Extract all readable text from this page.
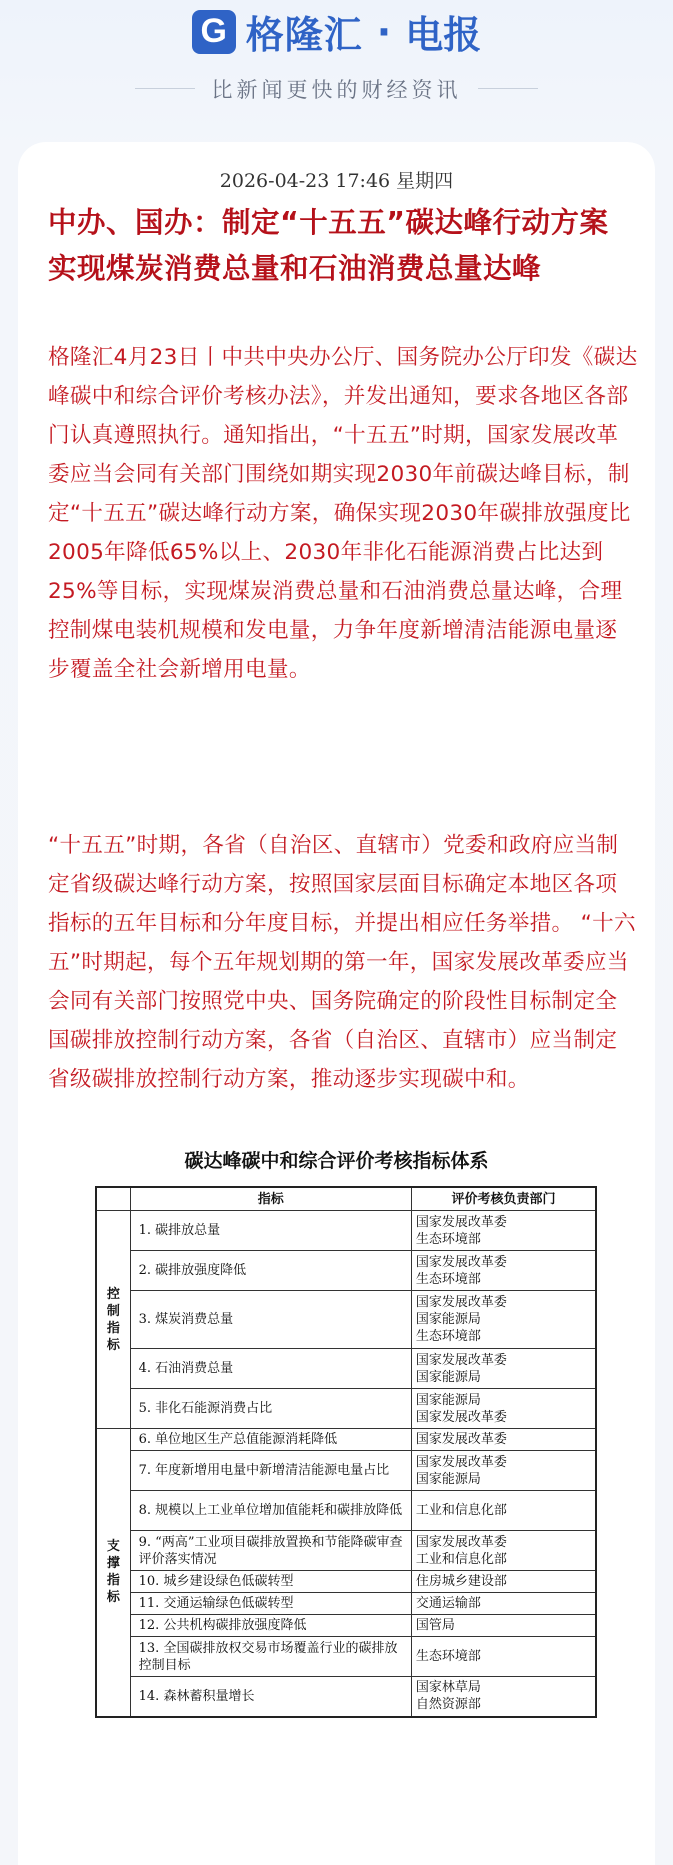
G 格隆汇 · 电报
比新闻更快的财经资讯
2026-04-23 17:46 星期四
中办、国办：制定“十五五”碳达峰行动方案 实现煤炭消费总量和石油消费总量达峰
格隆汇4月23日丨中共中央办公厅、国务院办公厅印发《碳达峰碳中和综合评价考核办法》，并发出通知，要求各地区各部门认真遵照执行。通知指出，“十五五”时期，国家发展改革委应当会同有关部门围绕如期实现2030年前碳达峰目标，制定“十五五”碳达峰行动方案，确保实现2030年碳排放强度比2005年降低65%以上、2030年非化石能源消费占比达到25%等目标，实现煤炭消费总量和石油消费总量达峰，合理控制煤电装机规模和发电量，力争年度新增清洁能源电量逐步覆盖全社会新增用电量。
“十五五”时期，各省（自治区、直辖市）党委和政府应当制定省级碳达峰行动方案，按照国家层面目标确定本地区各项指标的五年目标和分年度目标，并提出相应任务举措。 “十六五”时期起，每个五年规划期的第一年，国家发展改革委应当会同有关部门按照党中央、国务院确定的阶段性目标制定全国碳排放控制行动方案，各省（自治区、直辖市）应当制定省级碳排放控制行动方案，推动逐步实现碳中和。
碳达峰碳中和综合评价考核指标体系
	指标	评价考核负责部门
控
制
指
标	1. 碳排放总量	国家发展改革委
生态环境部
	2. 碳排放强度降低	国家发展改革委
生态环境部
	3. 煤炭消费总量	国家发展改革委
国家能源局
生态环境部
	4. 石油消费总量	国家发展改革委
国家能源局
	5. 非化石能源消费占比	国家能源局
国家发展改革委
支
撑
指
标	6. 单位地区生产总值能源消耗降低	国家发展改革委
	7. 年度新增用电量中新增清洁能源电量占比	国家发展改革委
国家能源局
	8. 规模以上工业单位增加值能耗和碳排放降低	工业和信息化部
	9. “两高”工业项目碳排放置换和节能降碳审查评价落实情况	国家发展改革委
工业和信息化部
	10. 城乡建设绿色低碳转型	住房城乡建设部
	11. 交通运输绿色低碳转型	交通运输部
	12. 公共机构碳排放强度降低	国管局
	13. 全国碳排放权交易市场覆盖行业的碳排放控制目标	生态环境部
	14. 森林蓄积量增长	国家林草局
自然资源部
